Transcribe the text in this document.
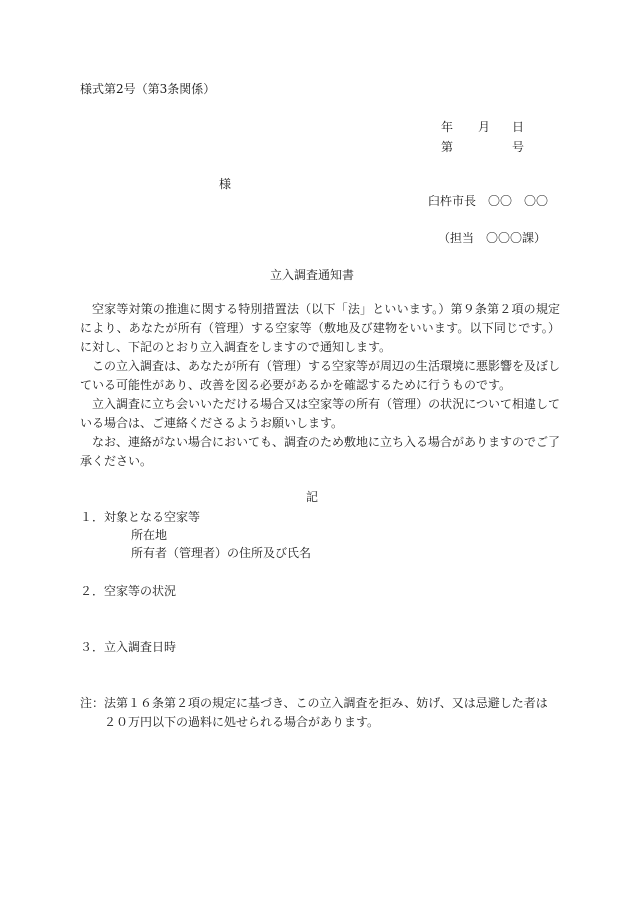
様式第2号（第3条関係）
年 月 日
第	号
様
臼杵市長　〇〇　〇〇
（担当　〇〇〇課）
立入調査通知書

空家等対策の推進に関する特別措置法（以下「法」といいます。）第９条第２項の規定により、あなたが所有（管理）する空家等（敷地及び建物をいいます。以下同じです。）に対し、下記のとおり立入調査をしますので通知します。

この立入調査は、あなたが所有（管理）する空家等が周辺の生活環境に悪影響を及ぼしている可能性があり、改善を図る必要があるかを確認するために行うものです。

立入調査に立ち会いいただける場合又は空家等の所有（管理）の状況について相違している場合は、ご連絡くださるようお願いします。

なお、連絡がない場合においても、調査のため敷地に立ち入る場合がありますのでご了承ください。

記
１．対象となる空家等
所在地
所有者（管理者）の住所及び氏名
２．空家等の状況
３．立入調査日時
注：法第１６条第２項の規定に基づき、この立入調査を拒み、妨げ、又は忌避した者は
２０万円以下の過料に処せられる場合があります。
